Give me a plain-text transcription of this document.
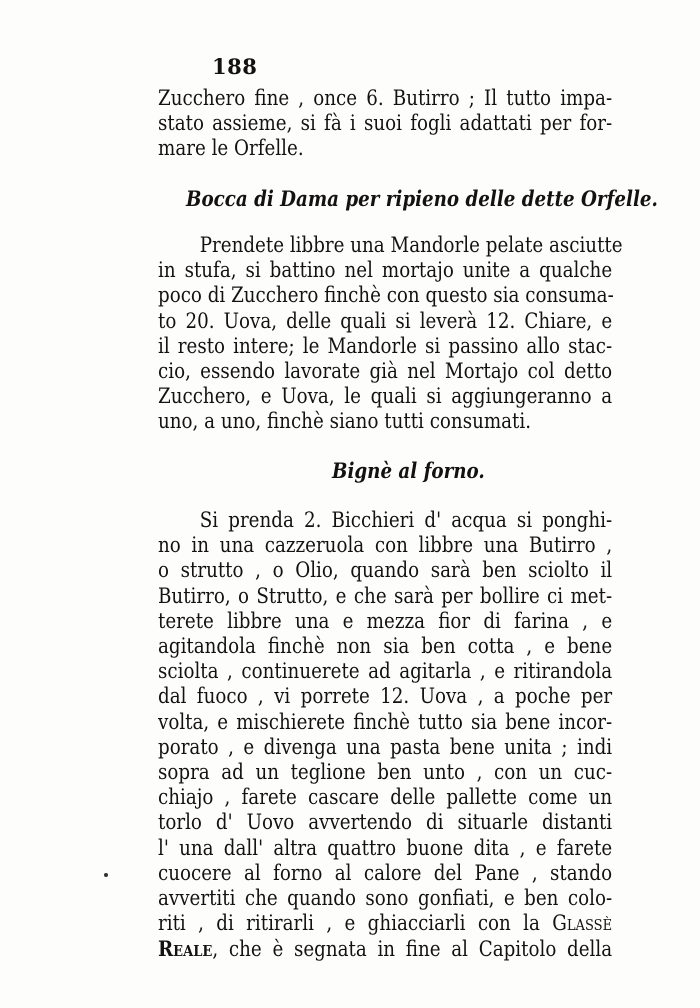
188
Zucchero fine , once 6. Butirro ; Il tutto impa-
stato assieme, si fà i suoi fogli adattati per for-
mare le Orfelle.
Bocca di Dama per ripieno delle dette Orfelle.
Prendete libbre una Mandorle pelate asciutte
in stufa, si battino nel mortajo unite a qualche
poco di Zucchero finchè con questo sia consuma-
to 20. Uova, delle quali si leverà 12. Chiare, e
il resto intere; le Mandorle si passino allo stac-
cio, essendo lavorate già nel Mortajo col detto
Zucchero, e Uova, le quali si aggiungeranno a
uno, a uno, finchè siano tutti consumati.
Bignè al forno.
Si prenda 2. Bicchieri d' acqua si ponghi-
no in una cazzeruola con libbre una Butirro ,
o strutto , o Olio, quando sarà ben sciolto il
Butirro, o Strutto, e che sarà per bollire ci met-
terete libbre una e mezza fior di farina , e
agitandola finchè non sia ben cotta , e bene
sciolta , continuerete ad agitarla , e ritirandola
dal fuoco , vi porrete 12. Uova , a poche per
volta, e mischierete finchè tutto sia bene incor-
porato , e divenga una pasta bene unita ; indi
sopra ad un teglione ben unto , con un cuc-
chiajo , farete cascare delle pallette come un
torlo d' Uovo avvertendo di situarle distanti
l' una dall' altra quattro buone dita , e farete
cuocere al forno al calore del Pane , stando
avvertiti che quando sono gonfiati, e ben colo-
riti , di ritirarli , e ghiacciarli con la Glassè
Reale, che è segnata in fine al Capitolo della
